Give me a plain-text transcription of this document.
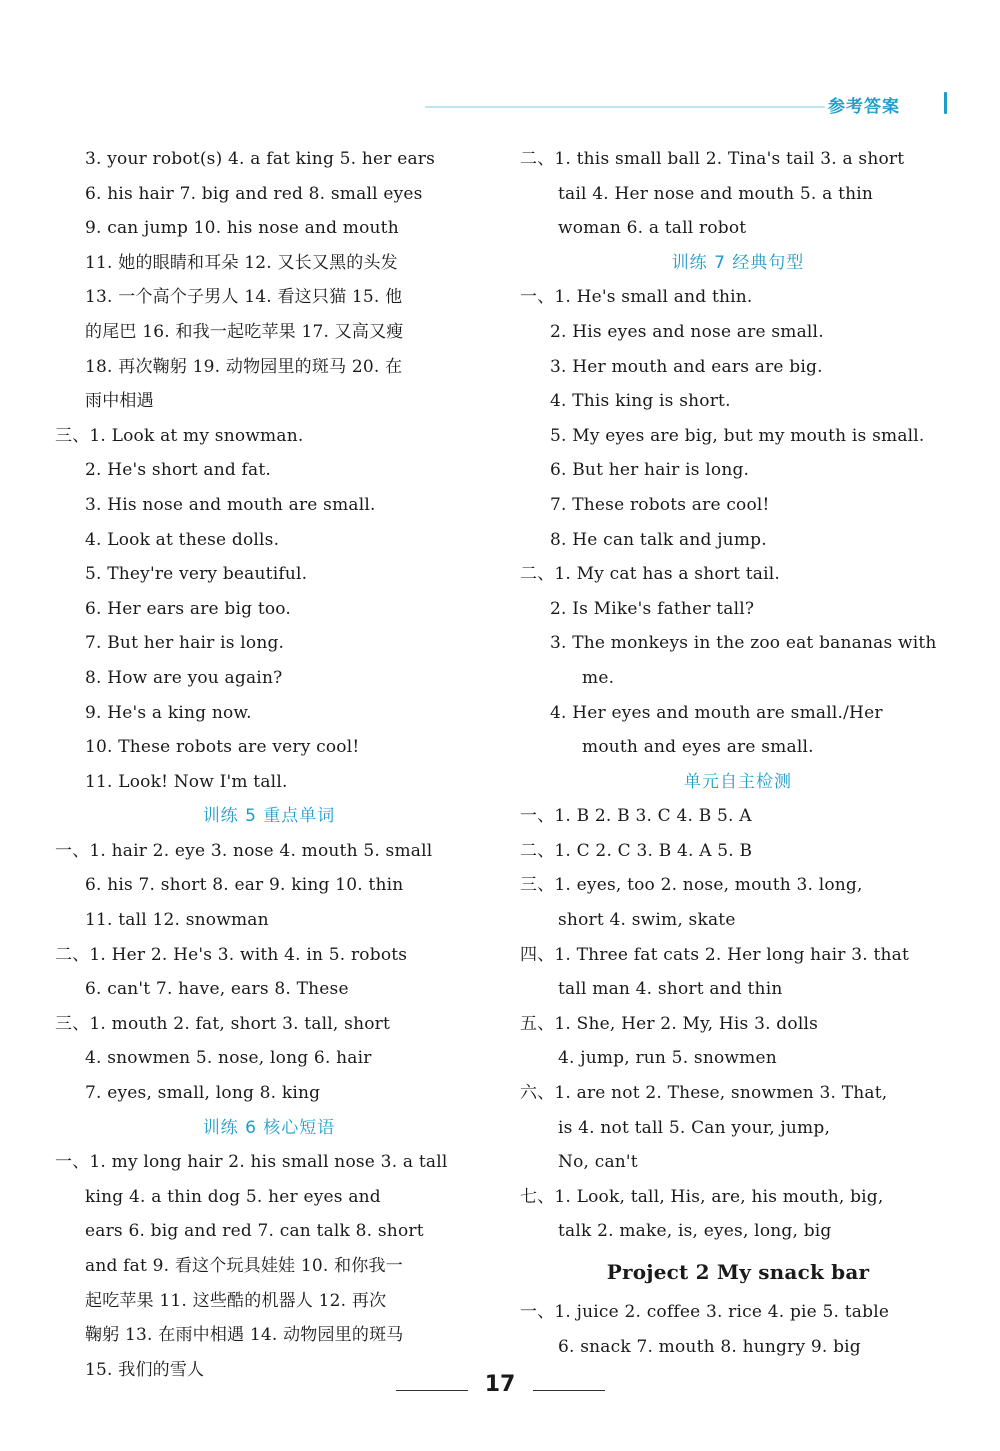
参考答案
3. your robot(s) 4. a fat king 5. her ears
6. his hair 7. big and red 8. small eyes
9. can jump 10. his nose and mouth
11. 她的眼睛和耳朵 12. 又长又黑的头发
13. 一个高个子男人 14. 看这只猫 15. 他
的尾巴 16. 和我一起吃苹果 17. 又高又瘦
18. 再次鞠躬 19. 动物园里的斑马 20. 在
雨中相遇
三、1. Look at my snowman.
2. He's short and fat.
3. His nose and mouth are small.
4. Look at these dolls.
5. They're very beautiful.
6. Her ears are big too.
7. But her hair is long.
8. How are you again?
9. He's a king now.
10. These robots are very cool!
11. Look! Now I'm tall.
训练 5 重点单词
一、1. hair 2. eye 3. nose 4. mouth 5. small
6. his 7. short 8. ear 9. king 10. thin
11. tall 12. snowman
二、1. Her 2. He's 3. with 4. in 5. robots
6. can't 7. have, ears 8. These
三、1. mouth 2. fat, short 3. tall, short
4. snowmen 5. nose, long 6. hair
7. eyes, small, long 8. king
训练 6 核心短语
一、1. my long hair 2. his small nose 3. a tall
king 4. a thin dog 5. her eyes and
ears 6. big and red 7. can talk 8. short
and fat 9. 看这个玩具娃娃 10. 和你我一
起吃苹果 11. 这些酷的机器人 12. 再次
鞠躬 13. 在雨中相遇 14. 动物园里的斑马
15. 我们的雪人
二、1. this small ball 2. Tina's tail 3. a short
tail 4. Her nose and mouth 5. a thin
woman 6. a tall robot
训练 7 经典句型
一、1. He's small and thin.
2. His eyes and nose are small.
3. Her mouth and ears are big.
4. This king is short.
5. My eyes are big, but my mouth is small.
6. But her hair is long.
7. These robots are cool!
8. He can talk and jump.
二、1. My cat has a short tail.
2. Is Mike's father tall?
3. The monkeys in the zoo eat bananas with
me.
4. Her eyes and mouth are small./Her
mouth and eyes are small.
单元自主检测
一、1. B 2. B 3. C 4. B 5. A
二、1. C 2. C 3. B 4. A 5. B
三、1. eyes, too 2. nose, mouth 3. long,
short 4. swim, skate
四、1. Three fat cats 2. Her long hair 3. that
tall man 4. short and thin
五、1. She, Her 2. My, His 3. dolls
4. jump, run 5. snowmen
六、1. are not 2. These, snowmen 3. That,
is 4. not tall 5. Can your, jump,
No, can't
七、1. Look, tall, His, are, his mouth, big,
talk 2. make, is, eyes, long, big
Project 2 My snack bar
一、1. juice 2. coffee 3. rice 4. pie 5. table
6. snack 7. mouth 8. hungry 9. big
17
